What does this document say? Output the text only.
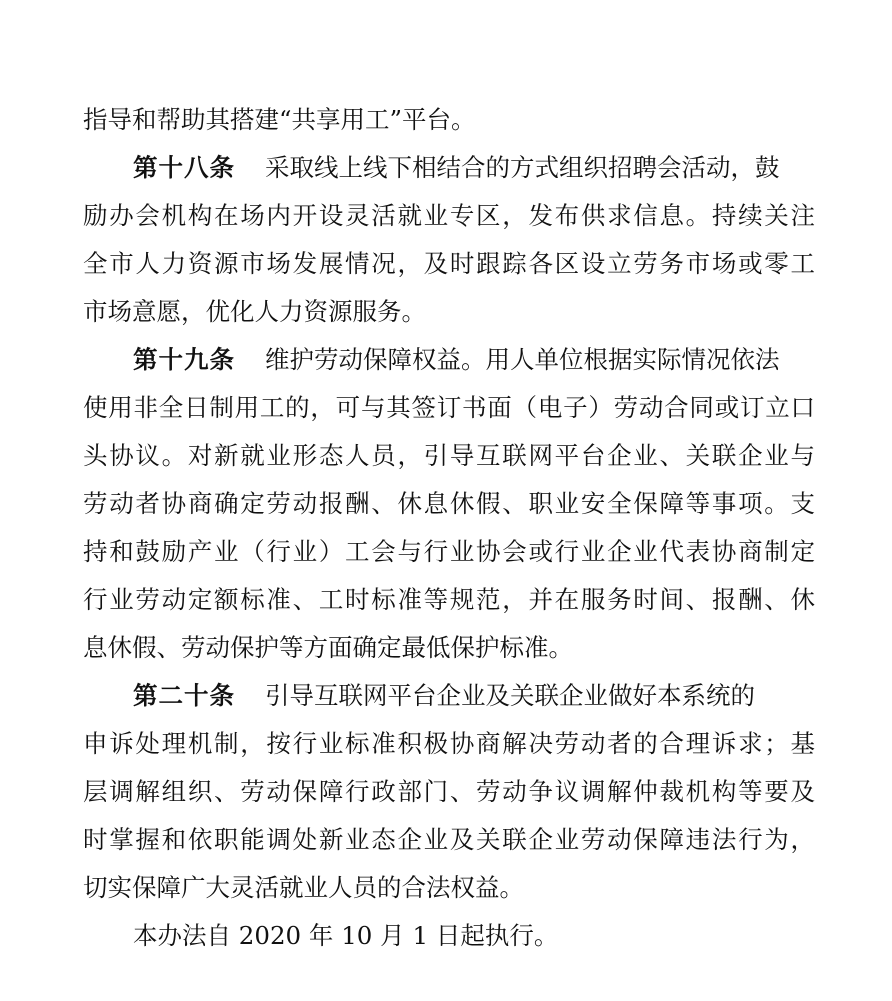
指导和帮助其搭建“共享用工”平台。
第十八条 采取线上线下相结合的方式组织招聘会活动，鼓
励办会机构在场内开设灵活就业专区，发布供求信息。持续关注
全市人力资源市场发展情况，及时跟踪各区设立劳务市场或零工
市场意愿，优化人力资源服务。
第十九条 维护劳动保障权益。用人单位根据实际情况依法
使用非全日制用工的，可与其签订书面（电子）劳动合同或订立口
头协议。对新就业形态人员，引导互联网平台企业、关联企业与
劳动者协商确定劳动报酬、休息休假、职业安全保障等事项。支
持和鼓励产业（行业）工会与行业协会或行业企业代表协商制定
行业劳动定额标准、工时标准等规范，并在服务时间、报酬、休
息休假、劳动保护等方面确定最低保护标准。
第二十条 引导互联网平台企业及关联企业做好本系统的
申诉处理机制，按行业标准积极协商解决劳动者的合理诉求；基
层调解组织、劳动保障行政部门、劳动争议调解仲裁机构等要及
时掌握和依职能调处新业态企业及关联企业劳动保障违法行为，
切实保障广大灵活就业人员的合法权益。
本办法自 2020 年 10 月 1 日起执行。
